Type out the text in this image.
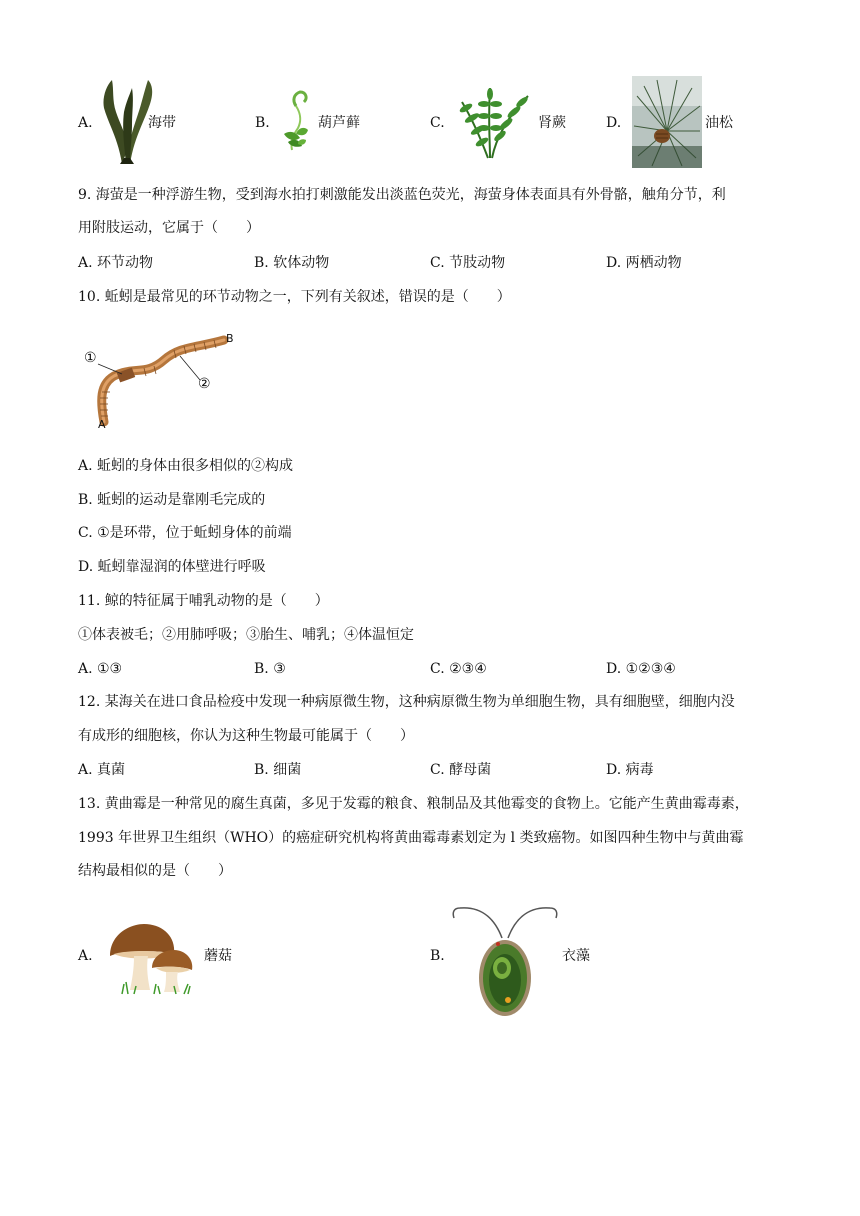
A.	海带	B.	葫芦藓	C.	肾蕨	D.	油松
9. 海萤是一种浮游生物，受到海水拍打刺激能发出淡蓝色荧光，海萤身体表面具有外骨骼，触角分节，利
用附肢运动，它属于（　　）
A. 环节动物	B. 软体动物	C. 节肢动物	D. 两栖动物
10. 蚯蚓是最常见的环节动物之一，下列有关叙述，错误的是（　　）
①
②
A
B
A. 蚯蚓的身体由很多相似的②构成
B. 蚯蚓的运动是靠刚毛完成的
C. ①是环带，位于蚯蚓身体的前端
D. 蚯蚓靠湿润的体壁进行呼吸
11. 鲸的特征属于哺乳动物的是（　　）
①体表被毛；②用肺呼吸；③胎生、哺乳；④体温恒定
A. ①③	B. ③	C. ②③④	D. ①②③④
12. 某海关在进口食品检疫中发现一种病原微生物，这种病原微生物为单细胞生物，具有细胞壁，细胞内没
有成形的细胞核，你认为这种生物最可能属于（　　）
A. 真菌	B. 细菌	C. 酵母菌	D. 病毒
13. 黄曲霉是一种常见的腐生真菌，多见于发霉的粮食、粮制品及其他霉变的食物上。它能产生黄曲霉毒素，
1993 年世界卫生组织（WHO）的癌症研究机构将黄曲霉毒素划定为 l 类致癌物。如图四种生物中与黄曲霉
结构最相似的是（　　）
A.	蘑菇	B.	衣藻
